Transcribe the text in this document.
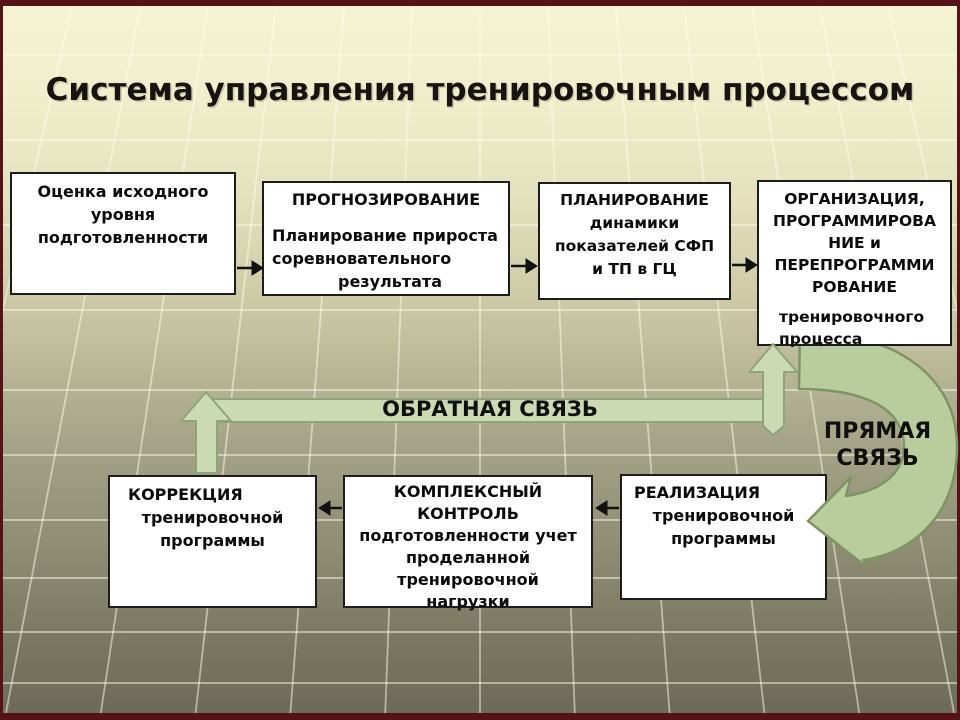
Система управления тренировочным процессом
КОРРЕКЦИЯ
тренировочной
программы
КОМПЛЕКСНЫЙ
КОНТРОЛЬ
подготовленности учет
проделанной
тренировочной
нагрузки
РЕАЛИЗАЦИЯ
тренировочной
программы
Оценка исходного
уровня
подготовленности
ПРОГНОЗИРОВАНИЕ
Планирование прироста
соревновательного
результата
ПЛАНИРОВАНИЕ
динамики
показателей СФП
и ТП в ГЦ
ОРГАНИЗАЦИЯ,
ПРОГРАММИРОВА
НИЕ и
ПЕРЕПРОГРАММИ
РОВАНИЕ
тренировочного
процесса
ОБРАТНАЯ СВЯЗЬ
ПРЯМАЯ
СВЯЗЬ
